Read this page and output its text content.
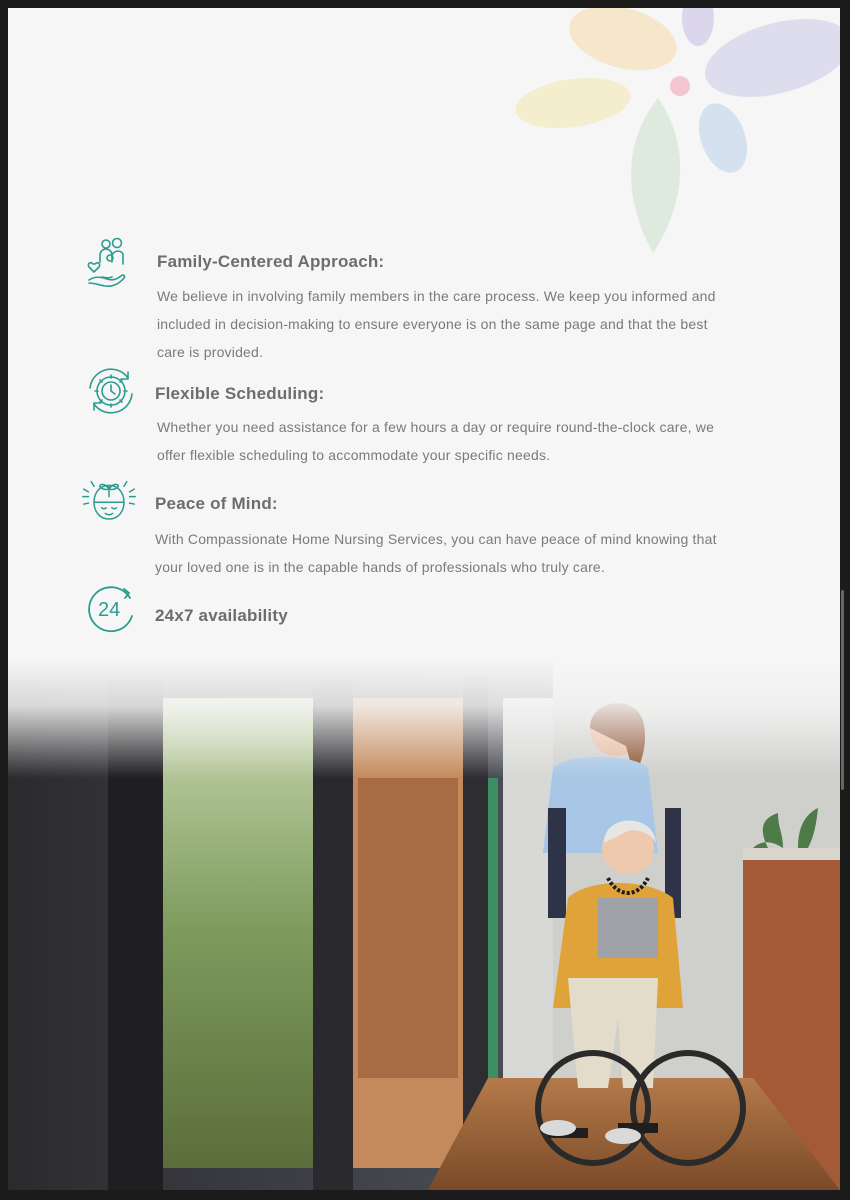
Family-Centered Approach:

We believe in involving family members in the care process. We keep you informed and
included in decision-making to ensure everyone is on the same page and that the best
care is provided.

Flexible Scheduling:

Whether you need assistance for a few hours a day or require round-the-clock care, we
offer flexible scheduling to accommodate your specific needs.

Peace of Mind:

With Compassionate Home Nursing Services, you can have peace of mind knowing that
your loved one is in the capable hands of professionals who truly care.

24 24x7 availability
